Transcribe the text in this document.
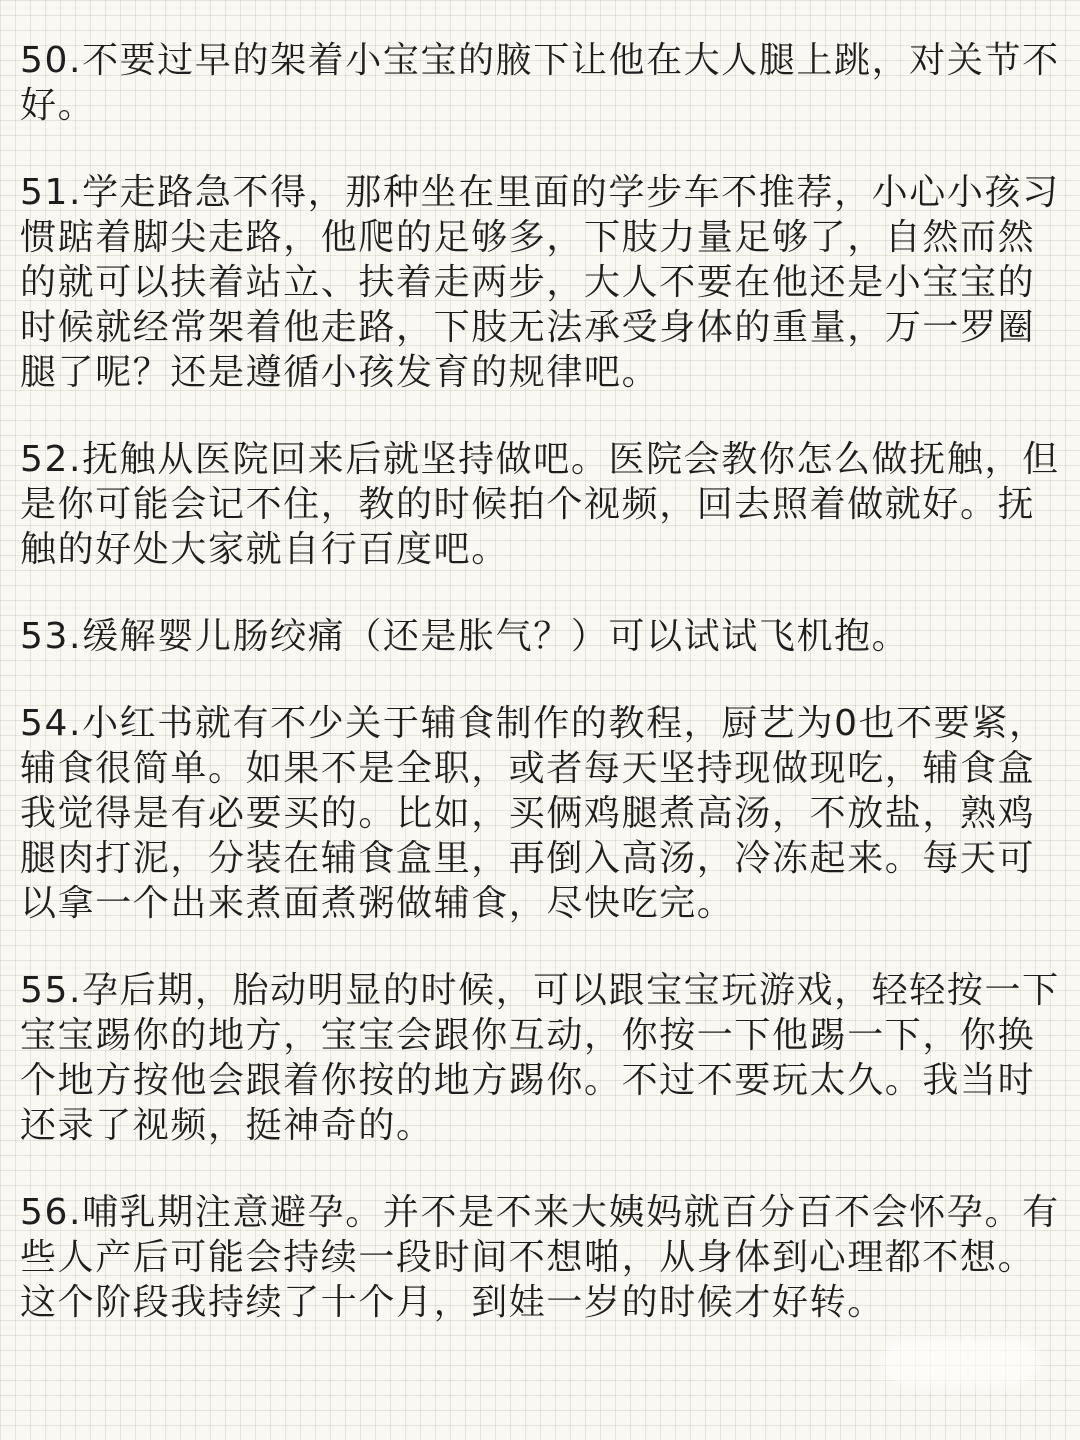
50.不要过早的架着小宝宝的腋下让他在大人腿上跳，对关节不好。

51.学走路急不得，那种坐在里面的学步车不推荐，小心小孩习惯踮着脚尖走路，他爬的足够多，下肢力量足够了，自然而然的就可以扶着站立、扶着走两步，大人不要在他还是小宝宝的时候就经常架着他走路，下肢无法承受身体的重量，万一罗圈腿了呢？还是遵循小孩发育的规律吧。

52.抚触从医院回来后就坚持做吧。医院会教你怎么做抚触，但是你可能会记不住，教的时候拍个视频，回去照着做就好。抚触的好处大家就自行百度吧。

53.缓解婴儿肠绞痛（还是胀气？）可以试试飞机抱。

54.小红书就有不少关于辅食制作的教程，厨艺为0也不要紧，辅食很简单。如果不是全职，或者每天坚持现做现吃，辅食盒我觉得是有必要买的。比如，买俩鸡腿煮高汤，不放盐，熟鸡腿肉打泥，分装在辅食盒里，再倒入高汤，冷冻起来。每天可以拿一个出来煮面煮粥做辅食，尽快吃完。

55.孕后期，胎动明显的时候，可以跟宝宝玩游戏，轻轻按一下宝宝踢你的地方，宝宝会跟你互动，你按一下他踢一下，你换个地方按他会跟着你按的地方踢你。不过不要玩太久。我当时还录了视频，挺神奇的。

56.哺乳期注意避孕。并不是不来大姨妈就百分百不会怀孕。有些人产后可能会持续一段时间不想啪，从身体到心理都不想。这个阶段我持续了十个月，到娃一岁的时候才好转。
